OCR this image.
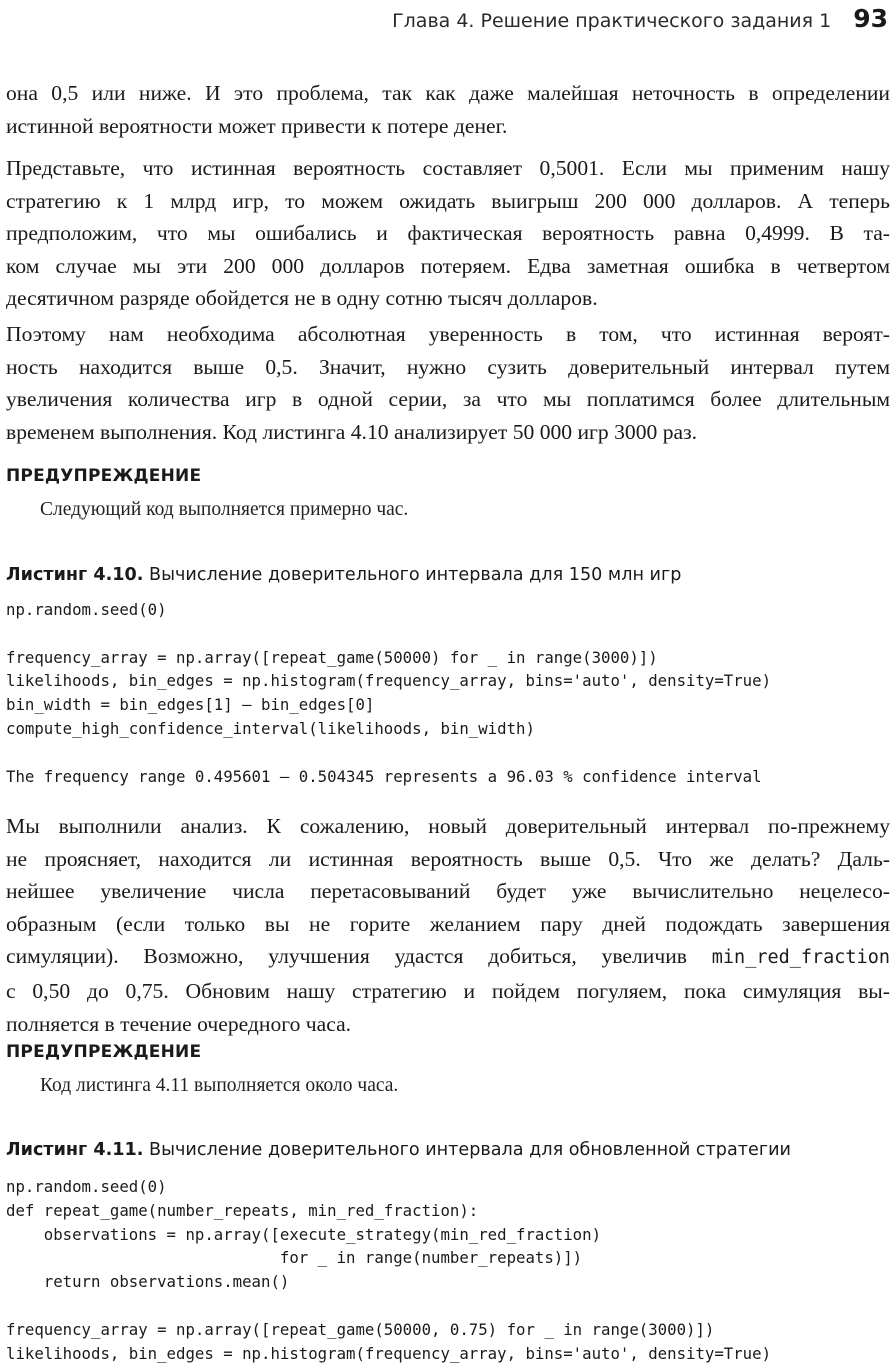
Глава 4. Решение практического задания 1 93

она 0,5 или ниже. И это проблема, так как даже малейшая неточность в определении
истинной вероятности может привести к потере денег.

Представьте, что истинная вероятность составляет 0,5001. Если мы применим нашу
стратегию к 1 млрд игр, то можем ожидать выигрыш 200 000 долларов. А теперь
предположим, что мы ошибались и фактическая вероятность равна 0,4999. В та-
ком случае мы эти 200 000 долларов потеряем. Едва заметная ошибка в четвертом
десятичном разряде обойдется не в одну сотню тысяч долларов.

Поэтому нам необходима абсолютная уверенность в том, что истинная вероят-
ность находится выше 0,5. Значит, нужно сузить доверительный интервал путем
увеличения количества игр в одной серии, за что мы поплатимся более длительным
временем выполнения. Код листинга 4.10 анализирует 50 000 игр 3000 раз.

ПРЕДУПРЕЖДЕНИЕ
Следующий код выполняется примерно час.
Листинг 4.10. Вычисление доверительного интервала для 150 млн игр
np.random.seed(0)
frequency_array = np.array([repeat_game(50000) for _ in range(3000)])
likelihoods, bin_edges = np.histogram(frequency_array, bins='auto', density=True)
bin_width = bin_edges[1] – bin_edges[0]
compute_high_confidence_interval(likelihoods, bin_width)
The frequency range 0.495601 – 0.504345 represents a 96.03 % confidence interval

Мы выполнили анализ. К сожалению, новый доверительный интервал по-прежнему
не проясняет, находится ли истинная вероятность выше 0,5. Что же делать? Даль-
нейшее увеличение числа перетасовываний будет уже вычислительно нецелесо-
образным (если только вы не горите желанием пару дней подождать завершения
симуляции). Возможно, улучшения удастся добиться, увеличив min_red_fraction
с 0,50 до 0,75. Обновим нашу стратегию и пойдем погуляем, пока симуляция вы-
полняется в течение очередного часа.

ПРЕДУПРЕЖДЕНИЕ
Код листинга 4.11 выполняется около часа.
Листинг 4.11. Вычисление доверительного интервала для обновленной стратегии
np.random.seed(0)
def repeat_game(number_repeats, min_red_fraction):
observations = np.array([execute_strategy(min_red_fraction)
for _ in range(number_repeats)])
return observations.mean()
frequency_array = np.array([repeat_game(50000, 0.75) for _ in range(3000)])
likelihoods, bin_edges = np.histogram(frequency_array, bins='auto', density=True)
